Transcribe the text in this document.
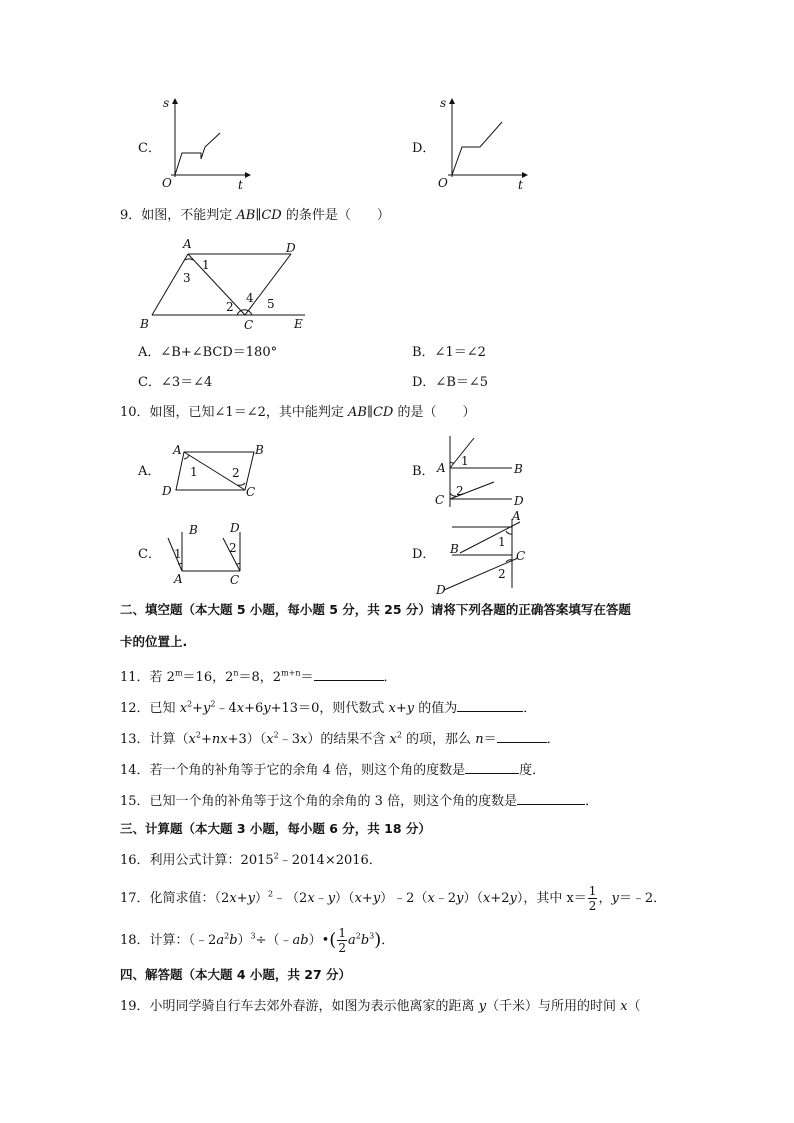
C．
s
O	t
D．
s
O	t
9．如图，不能判定 AB∥CD 的条件是（　　）
A	D
B	C	E
1
3
2
4 5
A．∠B+∠BCD＝180°	B．∠1＝∠2
C．∠3＝∠4	D．∠B＝∠5
10．如图，已知∠1＝∠2，其中能判定 AB∥CD 的是（　　）
A．
A	B
D	C
1	2	B． A	B
C	D
1
2
C．
B	D
A	C
1	2	D．
A
B	C
D
1
2
二、填空题（本大题 5 小题，每小题 5 分，共 25 分）请将下列各题的正确答案填写在答题
卡的位置上.
11．若 $2^m=16$，$2^n=8$，$2^{m+n}=$	．
12．已知 $x^2+y^2﹣4x+6y+13=0$，则代数式 x+y 的值为	．
13．计算$(x^2+nx+3)(x^2﹣3x)$的结果不含 $x^2$ 的项，那么 n＝	．
14．若一个角的补角等于它的余角 4 倍，则这个角的度数是	度．
15．已知一个角的补角等于这个角的余角的 3 倍，则这个角的度数是	．
三、计算题（本大题 3 小题，每小题 6 分，共 18 分）
16．利用公式计算：$2015^2﹣2014\times 2016$．
17．化简求值：$(2x+y)^2﹣(2x﹣y)(x+y)﹣2(x﹣2y)(x+2y)$，其中 $x= \frac{1}{2}$ ，y＝﹣2．
18．计算：$(﹣2a^2b)^3\div(﹣ab)•( \frac{1}{2} a^2b^3)$．
四、解答题（本大题 4 小题，共 27 分）
19．小明同学骑自行车去郊外春游，如图为表示他离家的距离 y（千米）与所用的时间 x（
